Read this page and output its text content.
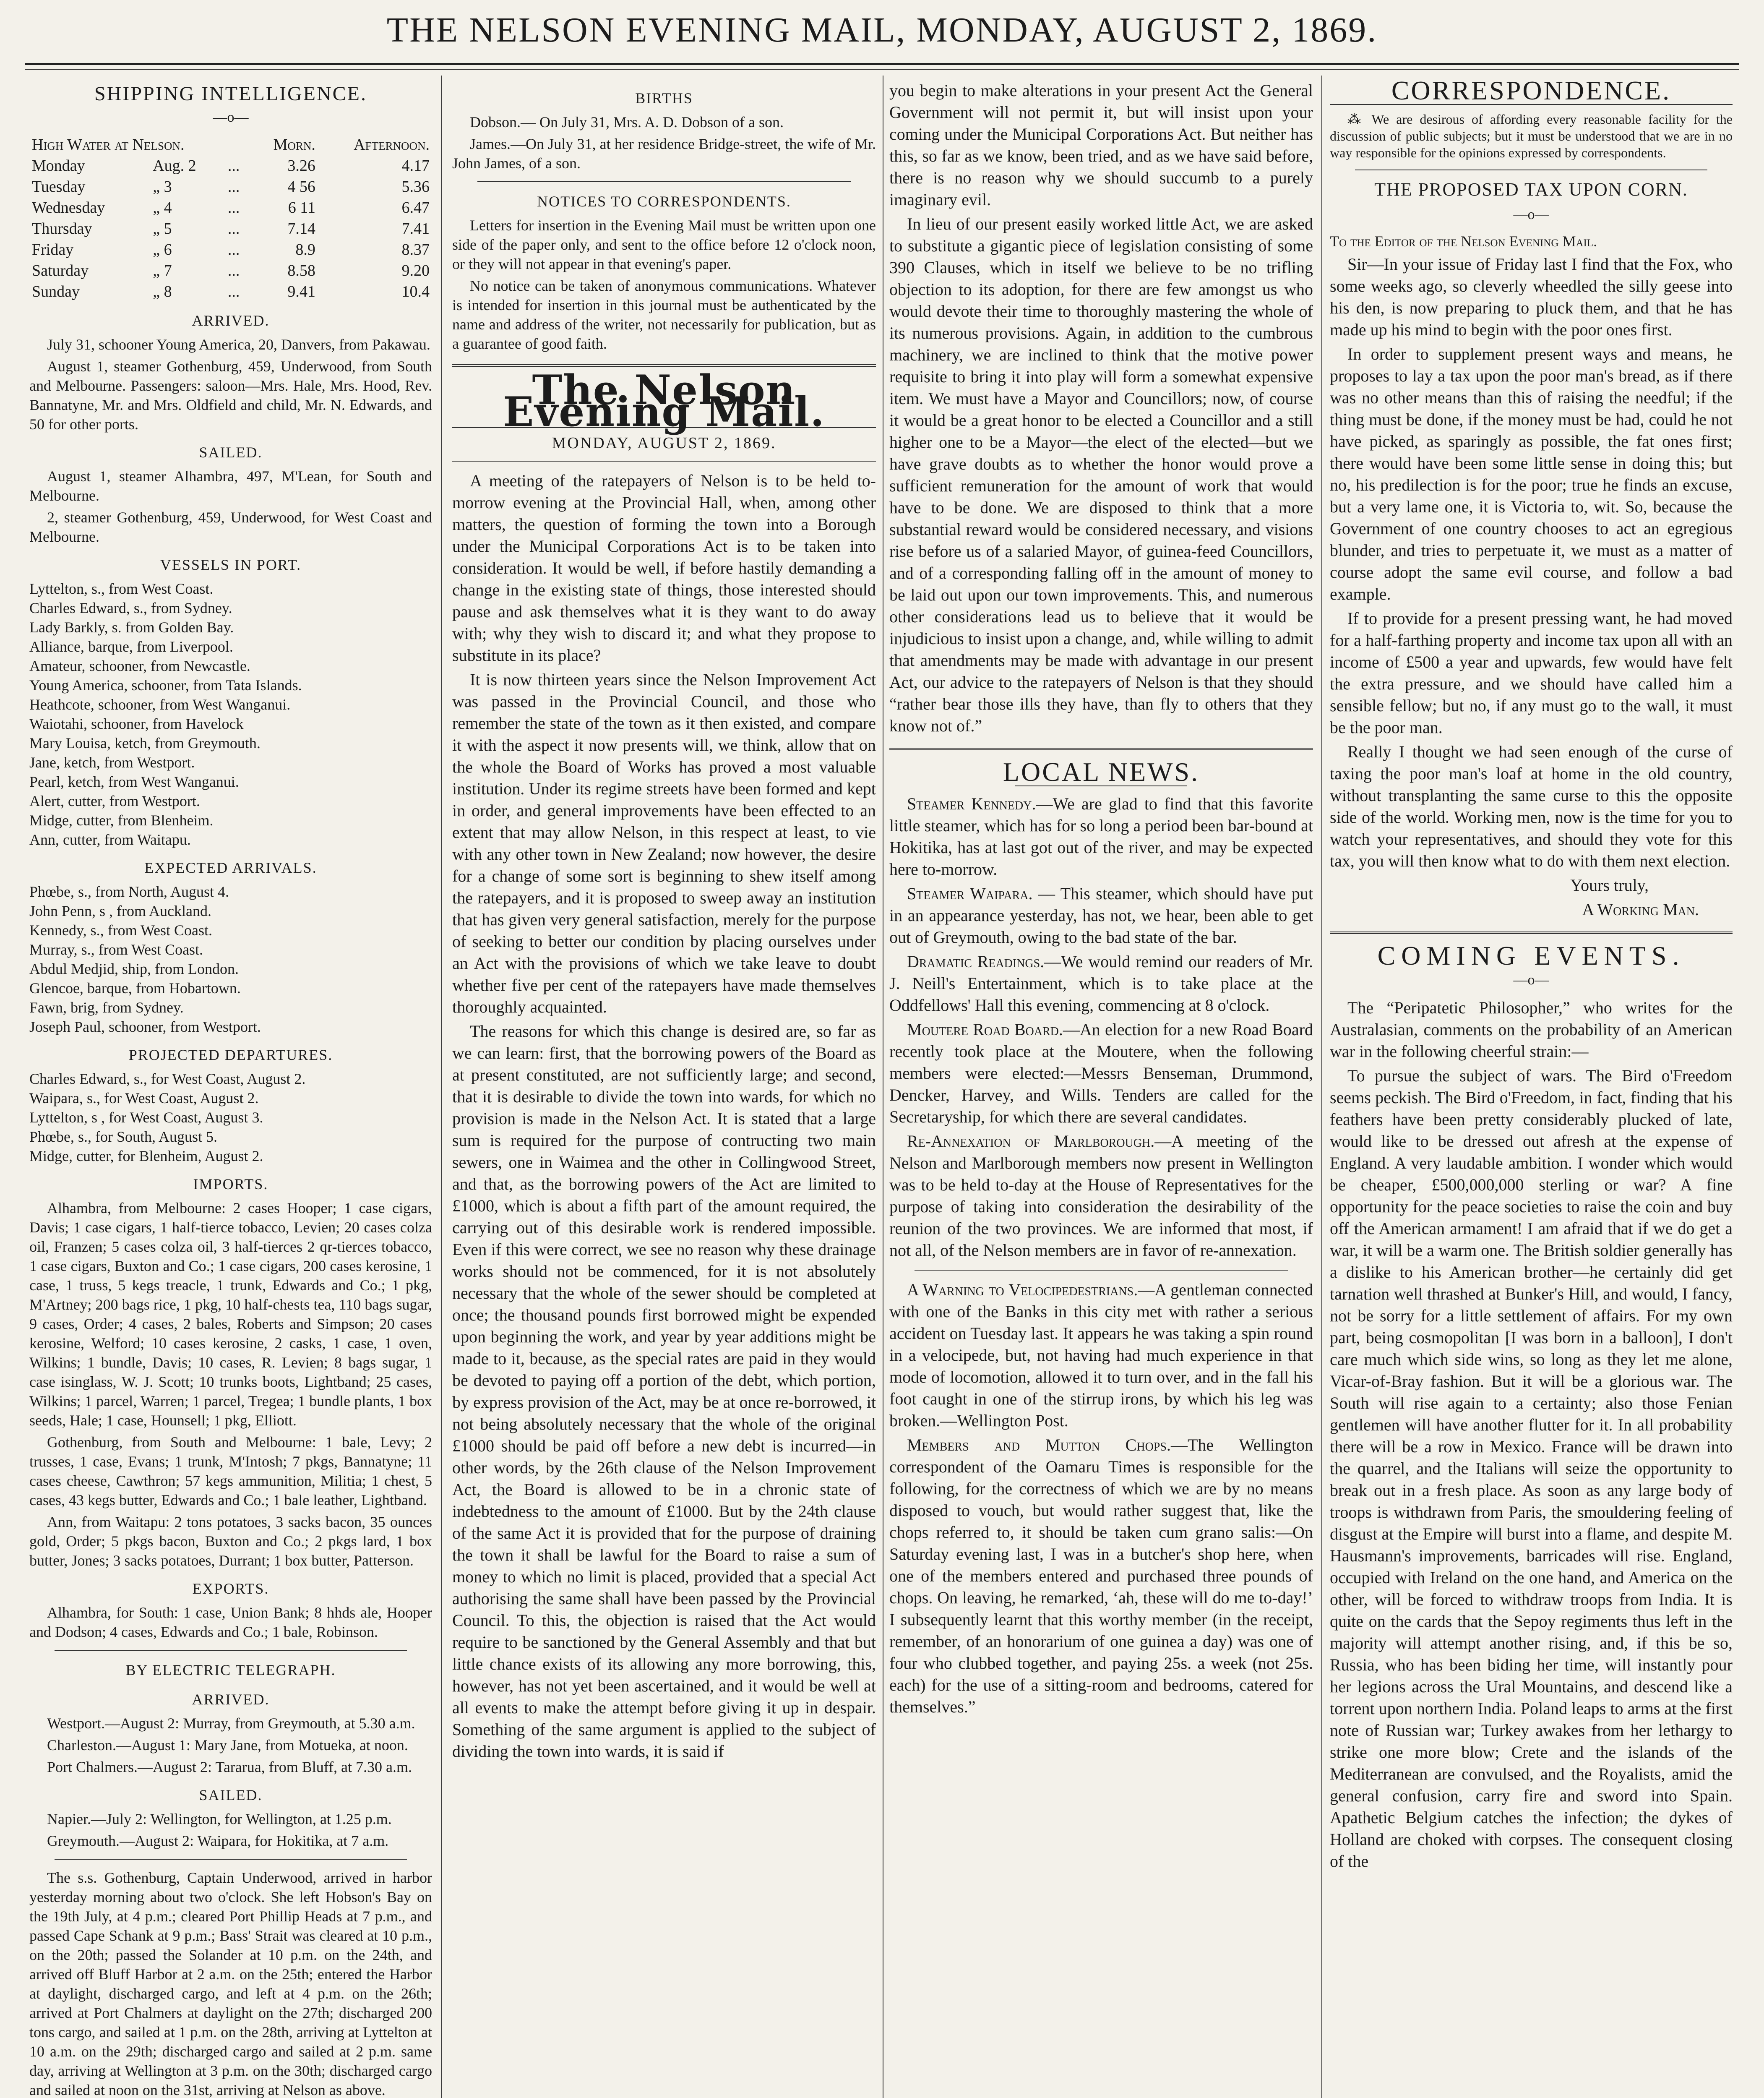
THE NELSON EVENING MAIL, MONDAY, AUGUST 2, 1869.
SHIPPING INTELLIGENCE.
—o—
High Water at Nelson.			Morn.	Afternoon.
Monday	Aug. 2	...	3.26	4.17
Tuesday	„ 3	...	4 56	5.36
Wednesday	„ 4	...	6 11	6.47
Thursday	„ 5	...	7.14	7.41
Friday	„ 6	...	8.9	8.37
Saturday	„ 7	...	8.58	9.20
Sunday	„ 8	...	9.41	10.4
ARRIVED.

July 31, schooner Young America, 20, Danvers, from Pakawau.

August 1, steamer Gothenburg, 459, Underwood, from South and Melbourne. Passengers: saloon—Mrs. Hale, Mrs. Hood, Rev. Bannatyne, Mr. and Mrs. Oldfield and child, Mr. N. Edwards, and 50 for other ports.

SAILED.

August 1, steamer Alhambra, 497, M'Lean, for South and Melbourne.

2, steamer Gothenburg, 459, Underwood, for West Coast and Melbourne.

VESSELS IN PORT.

Lyttelton, s., from West Coast.

Charles Edward, s., from Sydney.

Lady Barkly, s. from Golden Bay.

Alliance, barque, from Liverpool.

Amateur, schooner, from Newcastle.

Young America, schooner, from Tata Islands.

Heathcote, schooner, from West Wanganui.

Waiotahi, schooner, from Havelock

Mary Louisa, ketch, from Greymouth.

Jane, ketch, from Westport.

Pearl, ketch, from West Wanganui.

Alert, cutter, from Westport.

Midge, cutter, from Blenheim.

Ann, cutter, from Waitapu.

EXPECTED ARRIVALS.

Phœbe, s., from North, August 4.

John Penn, s , from Auckland.

Kennedy, s., from West Coast.

Murray, s., from West Coast.

Abdul Medjid, ship, from London.

Glencoe, barque, from Hobartown.

Fawn, brig, from Sydney.

Joseph Paul, schooner, from Westport.

PROJECTED DEPARTURES.

Charles Edward, s., for West Coast, August 2.

Waipara, s., for West Coast, August 2.

Lyttelton, s , for West Coast, August 3.

Phœbe, s., for South, August 5.

Midge, cutter, for Blenheim, August 2.

IMPORTS.

Alhambra, from Melbourne: 2 cases Hooper; 1 case cigars, Davis; 1 case cigars, 1 half-tierce tobacco, Levien; 20 cases colza oil, Franzen; 5 cases colza oil, 3 half-tierces 2 qr-tierces tobacco, 1 case cigars, Buxton and Co.; 1 case cigars, 200 cases kerosine, 1 case, 1 truss, 5 kegs treacle, 1 trunk, Edwards and Co.; 1 pkg, M'Artney; 200 bags rice, 1 pkg, 10 half-chests tea, 110 bags sugar, 9 cases, Order; 4 cases, 2 bales, Roberts and Simpson; 20 cases kerosine, Welford; 10 cases kerosine, 2 casks, 1 case, 1 oven, Wilkins; 1 bundle, Davis; 10 cases, R. Levien; 8 bags sugar, 1 case isinglass, W. J. Scott; 10 trunks boots, Lightband; 25 cases, Wilkins; 1 parcel, Warren; 1 parcel, Tregea; 1 bundle plants, 1 box seeds, Hale; 1 case, Hounsell; 1 pkg, Elliott.

Gothenburg, from South and Melbourne: 1 bale, Levy; 2 trusses, 1 case, Evans; 1 trunk, M'Intosh; 7 pkgs, Bannatyne; 11 cases cheese, Cawthron; 57 kegs ammunition, Militia; 1 chest, 5 cases, 43 kegs butter, Edwards and Co.; 1 bale leather, Lightband.

Ann, from Waitapu: 2 tons potatoes, 3 sacks bacon, 35 ounces gold, Order; 5 pkgs bacon, Buxton and Co.; 2 pkgs lard, 1 box butter, Jones; 3 sacks potatoes, Durrant; 1 box butter, Patterson.

EXPORTS.

Alhambra, for South: 1 case, Union Bank; 8 hhds ale, Hooper and Dodson; 4 cases, Edwards and Co.; 1 bale, Robinson.

BY ELECTRIC TELEGRAPH.
ARRIVED.

Westport.—August 2: Murray, from Greymouth, at 5.30 a.m.

Charleston.—August 1: Mary Jane, from Motueka, at noon.

Port Chalmers.—August 2: Tararua, from Bluff, at 7.30 a.m.

SAILED.

Napier.—July 2: Wellington, for Wellington, at 1.25 p.m.

Greymouth.—August 2: Waipara, for Hokitika, at 7 a.m.

The s.s. Gothenburg, Captain Underwood, arrived in harbor yesterday morning about two o'clock. She left Hobson's Bay on the 19th July, at 4 p.m.; cleared Port Phillip Heads at 7 p.m., and passed Cape Schank at 9 p.m.; Bass' Strait was cleared at 10 p.m., on the 20th; passed the Solander at 10 p.m. on the 24th, and arrived off Bluff Harbor at 2 a.m. on the 25th; entered the Harbor at daylight, discharged cargo, and left at 4 p.m. on the 26th; arrived at Port Chalmers at daylight on the 27th; discharged 200 tons cargo, and sailed at 1 p.m. on the 28th, arriving at Lyttelton at 10 a.m. on the 29th; discharged cargo and sailed at 2 p.m. same day, arriving at Wellington at 3 p.m. on the 30th; discharged cargo and sailed at noon on the 31st, arriving at Nelson as above.

BIRTHS

Dobson.— On July 31, Mrs. A. D. Dobson of a son.

James.—On July 31, at her residence Bridge-street, the wife of Mr. John James, of a son.

NOTICES TO CORRESPONDENTS.

Letters for insertion in the Evening Mail must be written upon one side of the paper only, and sent to the office before 12 o'clock noon, or they will not appear in that evening's paper.

No notice can be taken of anonymous communications. Whatever is intended for insertion in this journal must be authenticated by the name and address of the writer, not necessarily for publication, but as a guarantee of good faith.

The Nelson Evening Mail.
MONDAY, AUGUST 2, 1869.

A meeting of the ratepayers of Nelson is to be held to-morrow evening at the Provincial Hall, when, among other matters, the question of forming the town into a Borough under the Municipal Corporations Act is to be taken into consideration. It would be well, if before hastily demanding a change in the existing state of things, those interested should pause and ask themselves what it is they want to do away with; why they wish to discard it; and what they propose to substitute in its place?

It is now thirteen years since the Nelson Improvement Act was passed in the Provincial Council, and those who remember the state of the town as it then existed, and compare it with the aspect it now presents will, we think, allow that on the whole the Board of Works has proved a most valuable institution. Under its regime streets have been formed and kept in order, and general improvements have been effected to an extent that may allow Nelson, in this respect at least, to vie with any other town in New Zealand; now however, the desire for a change of some sort is beginning to shew itself among the ratepayers, and it is proposed to sweep away an institution that has given very general satisfaction, merely for the purpose of seeking to better our condition by placing ourselves under an Act with the provisions of which we take leave to doubt whether five per cent of the ratepayers have made themselves thoroughly acquainted.

The reasons for which this change is desired are, so far as we can learn: first, that the borrowing powers of the Board as at present constituted, are not sufficiently large; and second, that it is desirable to divide the town into wards, for which no provision is made in the Nelson Act. It is stated that a large sum is required for the purpose of contructing two main sewers, one in Waimea and the other in Collingwood Street, and that, as the borrowing powers of the Act are limited to £1000, which is about a fifth part of the amount required, the carrying out of this desirable work is rendered impossible. Even if this were correct, we see no reason why these drainage works should not be commenced, for it is not absolutely necessary that the whole of the sewer should be completed at once; the thousand pounds first borrowed might be expended upon beginning the work, and year by year additions might be made to it, because, as the special rates are paid in they would be devoted to paying off a portion of the debt, which portion, by express provision of the Act, may be at once re-borrowed, it not being absolutely necessary that the whole of the original £1000 should be paid off before a new debt is incurred—in other words, by the 26th clause of the Nelson Improvement Act, the Board is allowed to be in a chronic state of indebtedness to the amount of £1000. But by the 24th clause of the same Act it is provided that for the purpose of draining the town it shall be lawful for the Board to raise a sum of money to which no limit is placed, provided that a special Act authorising the same shall have been passed by the Provincial Council. To this, the objection is raised that the Act would require to be sanctioned by the General Assembly and that but little chance exists of its allowing any more borrowing, this, however, has not yet been ascertained, and it would be well at all events to make the attempt before giving it up in despair. Something of the same argument is applied to the subject of dividing the town into wards, it is said if

you begin to make alterations in your present Act the General Government will not permit it, but will insist upon your coming under the Municipal Corporations Act. But neither has this, so far as we know, been tried, and as we have said before, there is no reason why we should succumb to a purely imaginary evil.

In lieu of our present easily worked little Act, we are asked to substitute a gigantic piece of legislation consisting of some 390 Clauses, which in itself we believe to be no trifling objection to its adoption, for there are few amongst us who would devote their time to thoroughly mastering the whole of its numerous provisions. Again, in addition to the cumbrous machinery, we are inclined to think that the motive power requisite to bring it into play will form a somewhat expensive item. We must have a Mayor and Councillors; now, of course it would be a great honor to be elected a Councillor and a still higher one to be a Mayor—the elect of the elected—but we have grave doubts as to whether the honor would prove a sufficient remuneration for the amount of work that would have to be done. We are disposed to think that a more substantial reward would be considered necessary, and visions rise before us of a salaried Mayor, of guinea-feed Councillors, and of a corresponding falling off in the amount of money to be laid out upon our town improvements. This, and numerous other considerations lead us to believe that it would be injudicious to insist upon a change, and, while willing to admit that amendments may be made with advantage in our present Act, our advice to the ratepayers of Nelson is that they should “rather bear those ills they have, than fly to others that they know not of.”

LOCAL NEWS.

Steamer Kennedy.—We are glad to find that this favorite little steamer, which has for so long a period been bar-bound at Hokitika, has at last got out of the river, and may be expected here to-morrow.

Steamer Waipara. — This steamer, which should have put in an appearance yesterday, has not, we hear, been able to get out of Greymouth, owing to the bad state of the bar.

Dramatic Readings.—We would remind our readers of Mr. J. Neill's Entertainment, which is to take place at the Oddfellows' Hall this evening, commencing at 8 o'clock.

Moutere Road Board.—An election for a new Road Board recently took place at the Moutere, when the following members were elected:—Messrs Benseman, Drummond, Dencker, Harvey, and Wills. Tenders are called for the Secretaryship, for which there are several candidates.

Re-Annexation of Marlborough.—A meeting of the Nelson and Marlborough members now present in Wellington was to be held to-day at the House of Representatives for the purpose of taking into consideration the desirability of the reunion of the two provinces. We are informed that most, if not all, of the Nelson members are in favor of re-annexation.

A Warning to Velocipedestrians.—A gentleman connected with one of the Banks in this city met with rather a serious accident on Tuesday last. It appears he was taking a spin round in a velocipede, but, not having had much experience in that mode of locomotion, allowed it to turn over, and in the fall his foot caught in one of the stirrup irons, by which his leg was broken.—Wellington Post.

Members and Mutton Chops.—The Wellington correspondent of the Oamaru Times is responsible for the following, for the correctness of which we are by no means disposed to vouch, but would rather suggest that, like the chops referred to, it should be taken cum grano salis:—On Saturday evening last, I was in a butcher's shop here, when one of the members entered and purchased three pounds of chops. On leaving, he remarked, ‘ah, these will do me to-day!’ I subsequently learnt that this worthy member (in the receipt, remember, of an honorarium of one guinea a day) was one of four who clubbed together, and paying 25s. a week (not 25s. each) for the use of a sitting-room and bedrooms, catered for themselves.”

CORRESPONDENCE.

⁂ We are desirous of affording every reasonable facility for the discussion of public subjects; but it must be understood that we are in no way responsible for the opinions expressed by correspondents.

THE PROPOSED TAX UPON CORN.
—o—

To the Editor of the Nelson Evening Mail.

Sir—In your issue of Friday last I find that the Fox, who some weeks ago, so cleverly wheedled the silly geese into his den, is now preparing to pluck them, and that he has made up his mind to begin with the poor ones first.

In order to supplement present ways and means, he proposes to lay a tax upon the poor man's bread, as if there was no other means than this of raising the needful; if the thing must be done, if the money must be had, could he not have picked, as sparingly as possible, the fat ones first; there would have been some little sense in doing this; but no, his predilection is for the poor; true he finds an excuse, but a very lame one, it is Victoria to, wit. So, because the Government of one country chooses to act an egregious blunder, and tries to perpetuate it, we must as a matter of course adopt the same evil course, and follow a bad example.

If to provide for a present pressing want, he had moved for a half-farthing property and income tax upon all with an income of £500 a year and upwards, few would have felt the extra pressure, and we should have called him a sensible fellow; but no, if any must go to the wall, it must be the poor man.

Really I thought we had seen enough of the curse of taxing the poor man's loaf at home in the old country, without transplanting the same curse to this the opposite side of the world. Working men, now is the time for you to watch your representatives, and should they vote for this tax, you will then know what to do with them next election.

Yours truly,
A Working Man.
COMING EVENTS.
—o—

The “Peripatetic Philosopher,” who writes for the Australasian, comments on the probability of an American war in the following cheerful strain:—

To pursue the subject of wars. The Bird o'Freedom seems peckish. The Bird o'Freedom, in fact, finding that his feathers have been pretty considerably plucked of late, would like to be dressed out afresh at the expense of England. A very laudable ambition. I wonder which would be cheaper, £500,000,000 sterling or war? A fine opportunity for the peace societies to raise the coin and buy off the American armament! I am afraid that if we do get a war, it will be a warm one. The British soldier generally has a dislike to his American brother—he certainly did get tarnation well thrashed at Bunker's Hill, and would, I fancy, not be sorry for a little settlement of affairs. For my own part, being cosmopolitan [I was born in a balloon], I don't care much which side wins, so long as they let me alone, Vicar-of-Bray fashion. But it will be a glorious war. The South will rise again to a certainty; also those Fenian gentlemen will have another flutter for it. In all probability there will be a row in Mexico. France will be drawn into the quarrel, and the Italians will seize the opportunity to break out in a fresh place. As soon as any large body of troops is withdrawn from Paris, the smouldering feeling of disgust at the Empire will burst into a flame, and despite M. Hausmann's improvements, barricades will rise. England, occupied with Ireland on the one hand, and America on the other, will be forced to withdraw troops from India. It is quite on the cards that the Sepoy regiments thus left in the majority will attempt another rising, and, if this be so, Russia, who has been biding her time, will instantly pour her legions across the Ural Mountains, and descend like a torrent upon northern India. Poland leaps to arms at the first note of Russian war; Turkey awakes from her lethargy to strike one more blow; Crete and the islands of the Mediterranean are convulsed, and the Royalists, amid the general confusion, carry fire and sword into Spain. Apathetic Belgium catches the infection; the dykes of Holland are choked with corpses. The consequent closing of the
